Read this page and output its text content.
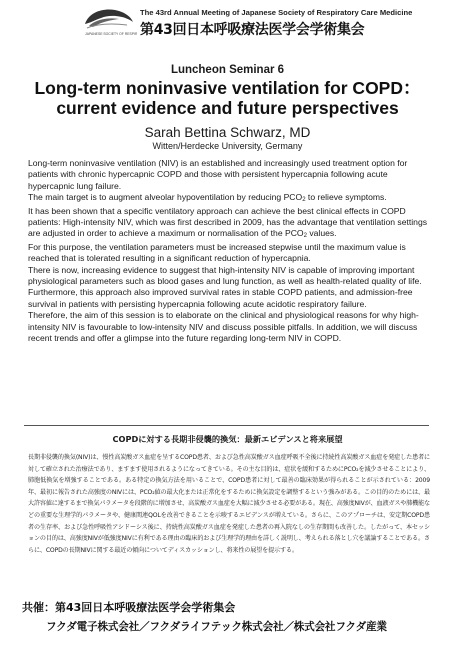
JAPANESE SOCIETY OF RESPIR
The 43rd Annual Meeting of Japanese Society of Respiratory Care Medicine
第43回日本呼吸療法医学会学術集会
Luncheon Seminar 6
Long-term noninvasive ventilation for COPD：
current evidence and future perspectives
Sarah Bettina Schwarz, MD
Witten/Herdecke University, Germany

Long-term noninvasive ventilation (NIV) is an established and increasingly used treatment option for patients with chronic hypercapnic COPD and those with persistent hypercapnia following acute hypercapnic lung failure.

The main target is to augment alveolar hypoventilation by reducing $PCO_2$ to relieve symptoms.

It has been shown that a specific ventilatory approach can achieve the best clinical effects in COPD patients: High-intensity NIV, which was first described in 2009, has the advantage that ventilation settings are adjusted in order to achieve a maximum or normalisation of the $PCO_2$ values.

For this purpose, the ventilation parameters must be increased stepwise until the maximum value is reached that is tolerated resulting in a significant reduction of hypercapnia.

There is now, increasing evidence to suggest that high-intensity NIV is capable of improving important physiological parameters such as blood gases and lung function, as well as health-related quality of life.

Furthermore, this approach also improved survival rates in stable COPD patients, and admission-free survival in patients with persisting hypercapnia following acute acidotic respiratory failure.

Therefore, the aim of this session is to elaborate on the clinical and physiological reasons for why high-intensity NIV is favourable to low-intensity NIV and discuss possible pitfalls. In addition, we will discuss recent trends and offer a glimpse into the future regarding long-term NIV in COPD.

COPDに対する長期非侵襲的換気：最新エビデンスと将来展望
長期非侵襲的換気(NIV)は、慢性高炭酸ガス血症を呈するCOPD患者、および急性高炭酸ガス血症呼吸不全後に持続性高炭酸ガス血症を発症した患者に対して確立された治療法であり、ますます使用されるようになってきている。その主な目的は、症状を緩和するためにPCO₂を減少させることにより、肺胞低換気を増強することである。ある特定の換気方法を用いることで、COPD患者に対して最善の臨床効果が得られることが示されている：2009年、最初に報告された高強度のNIVには、PCO₂値の最大化または正常化をするために換気設定を調整するという強みがある。この目的のためには、最大許容値に達するまで換気パラメータを段階的に増加させ、高炭酸ガス血症を大幅に減少させる必要がある。現在、高強度NIVが、血液ガスや肺機能などの重要な生理学的パラメータや、健康関連QOLを改善できることを示唆するエビデンスが増えている。さらに、このアプローチは、安定期COPD患者の生存率、および急性呼吸性アシドーシス後に、持続性高炭酸ガス血症を発症した患者の再入院なしの生存期間も改善した。したがって、本セッションの目的は、高強度NIVが低強度NIVに有利である理由の臨床的および生理学的理由を詳しく説明し、考えられる落とし穴を議論することである。さらに、COPDの長期NIVに関する最近の傾向についてディスカッションし、将来性の展望を提示する。
共催：第43回日本呼吸療法医学会学術集会
フクダ電子株式会社／フクダライフテック株式会社／株式会社フクダ産業
